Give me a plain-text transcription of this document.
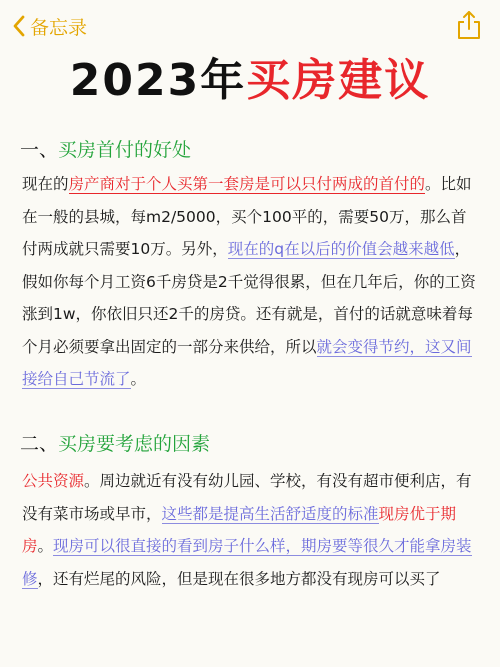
备忘录
2023年买房建议
一、买房首付的好处
现在的房产商对于个人买第一套房是可以只付两成的首付的。比如在一般的县城，每m2/5000，买个100平的，需要50万，那么首付两成就只需要10万。另外，现在的q在以后的价值会越来越低，假如你每个月工资6千房贷是2千觉得很累，但在几年后，你的工资涨到1w，你依旧只还2千的房贷。还有就是，首付的话就意味着每个月必须要拿出固定的一部分来供给，所以就会变得节约，这又间接给自己节流了。
二、买房要考虑的因素
公共资源。周边就近有没有幼儿园、学校，有没有超市便利店，有没有菜市场或早市，这些都是提高生活舒适度的标准现房优于期房。现房可以很直接的看到房子什么样，期房要等很久才能拿房装修，还有烂尾的风险，但是现在很多地方都没有现房可以买了
